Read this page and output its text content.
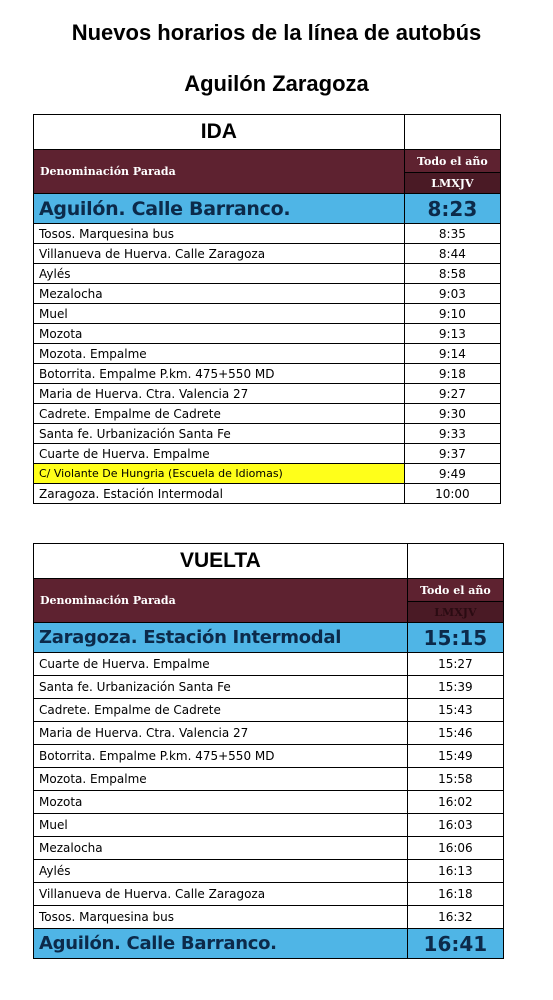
Nuevos horarios de la línea de autobús
Aguilón Zaragoza
IDA	
Denominación Parada	Todo el año
	LMXJV
Aguilón. Calle Barranco.	8:23
Tosos. Marquesina bus	8:35
Villanueva de Huerva. Calle Zaragoza	8:44
Aylés	8:58
Mezalocha	9:03
Muel	9:10
Mozota	9:13
Mozota. Empalme	9:14
Botorrita. Empalme P.km. 475+550 MD	9:18
Maria de Huerva. Ctra. Valencia 27	9:27
Cadrete. Empalme de Cadrete	9:30
Santa fe. Urbanización Santa Fe	9:33
Cuarte de Huerva. Empalme	9:37
C/ Violante De Hungria (Escuela de Idiomas)	9:49
Zaragoza. Estación Intermodal	10:00
VUELTA	
Denominación Parada	Todo el año
	LMXJV
Zaragoza. Estación Intermodal	15:15
Cuarte de Huerva. Empalme	15:27
Santa fe. Urbanización Santa Fe	15:39
Cadrete. Empalme de Cadrete	15:43
Maria de Huerva. Ctra. Valencia 27	15:46
Botorrita. Empalme P.km. 475+550 MD	15:49
Mozota. Empalme	15:58
Mozota	16:02
Muel	16:03
Mezalocha	16:06
Aylés	16:13
Villanueva de Huerva. Calle Zaragoza	16:18
Tosos. Marquesina bus	16:32
Aguilón. Calle Barranco.	16:41
